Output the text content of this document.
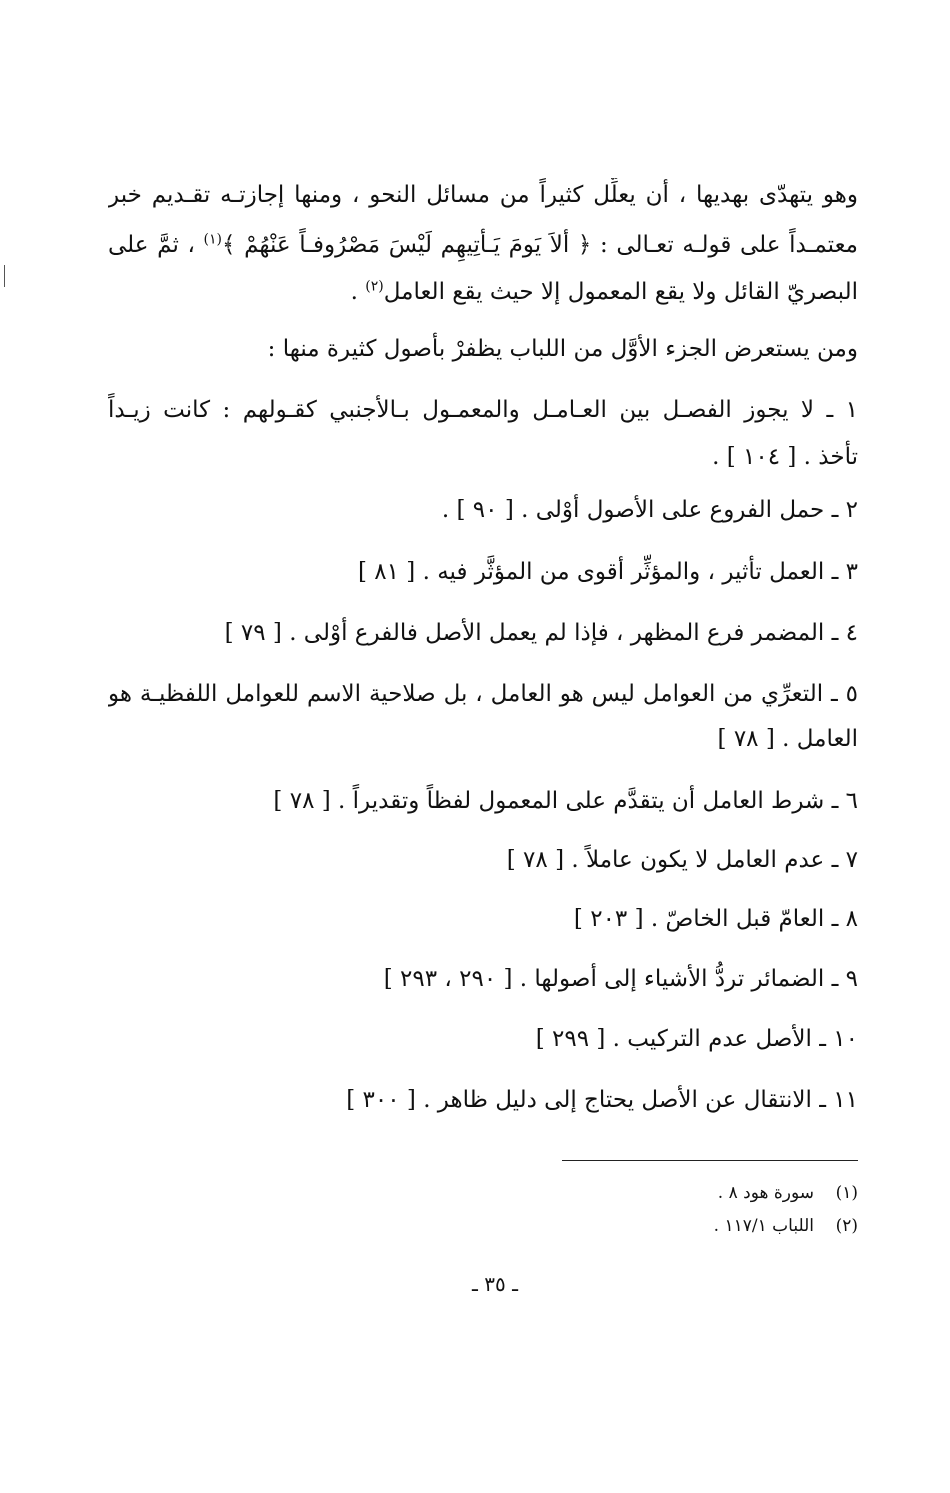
وهو يتهدّى بهديها ، أن يعلِّل كثيراً من مسائل النحو ، ومنها إجازتـه تقـديم خبر
معتمـداً على قولـه تعـالى : ﴿ ألاَ يَومَ يَـأْتِيهِم لَيْسَ مَصْرُوفـاً عَنْهُمْ ﴾$^{(١)}$ ، ثمَّ على
البصريّ القائل ولا يقع المعمول إلا حيث يقع العامل$^{(٢)}$ .
ومن يستعرض الجزء الأوَّل من اللباب يظفرْ بأصول كثيرة منها :
١ ـ لا يجوز الفصـل بين العـامـل والمعمـول بـالأجنبي كقـولهم : كانت زيـداً
تأخذ . [ ١٠٤ ] .
٢ ـ حمل الفروع على الأصول أوْلى . [ ٩٠ ] .
٣ ـ العمل تأثير ، والمؤثِّر أقوى من المؤثَّر فيه . [ ٨١ ]
٤ ـ المضمر فرع المظهر ، فإذا لم يعمل الأصل فالفرع أوْلى . [ ٧٩ ]
٥ ـ التعرِّي من العوامل ليس هو العامل ، بل صلاحية الاسم للعوامل اللفظيـة هو
العامل . [ ٧٨ ]
٦ ـ شرط العامل أن يتقدَّم على المعمول لفظاً وتقديراً . [ ٧٨ ]
٧ ـ عدم العامل لا يكون عاملاً . [ ٧٨ ]
٨ ـ العامّ قبل الخاصّ . [ ٢٠٣ ]
٩ ـ الضمائر تردُّ الأشياء إلى أصولها . [ ٢٩٠ ، ٢٩٣ ]
١٠ ـ الأصل عدم التركيب . [ ٢٩٩ ]
١١ ـ الانتقال عن الأصل يحتاج إلى دليل ظاهر . [ ٣٠٠ ]
(١)سورة هود ٨ .
(٢)اللباب ١١٧/١ .
ـ ٣٥ ـ
